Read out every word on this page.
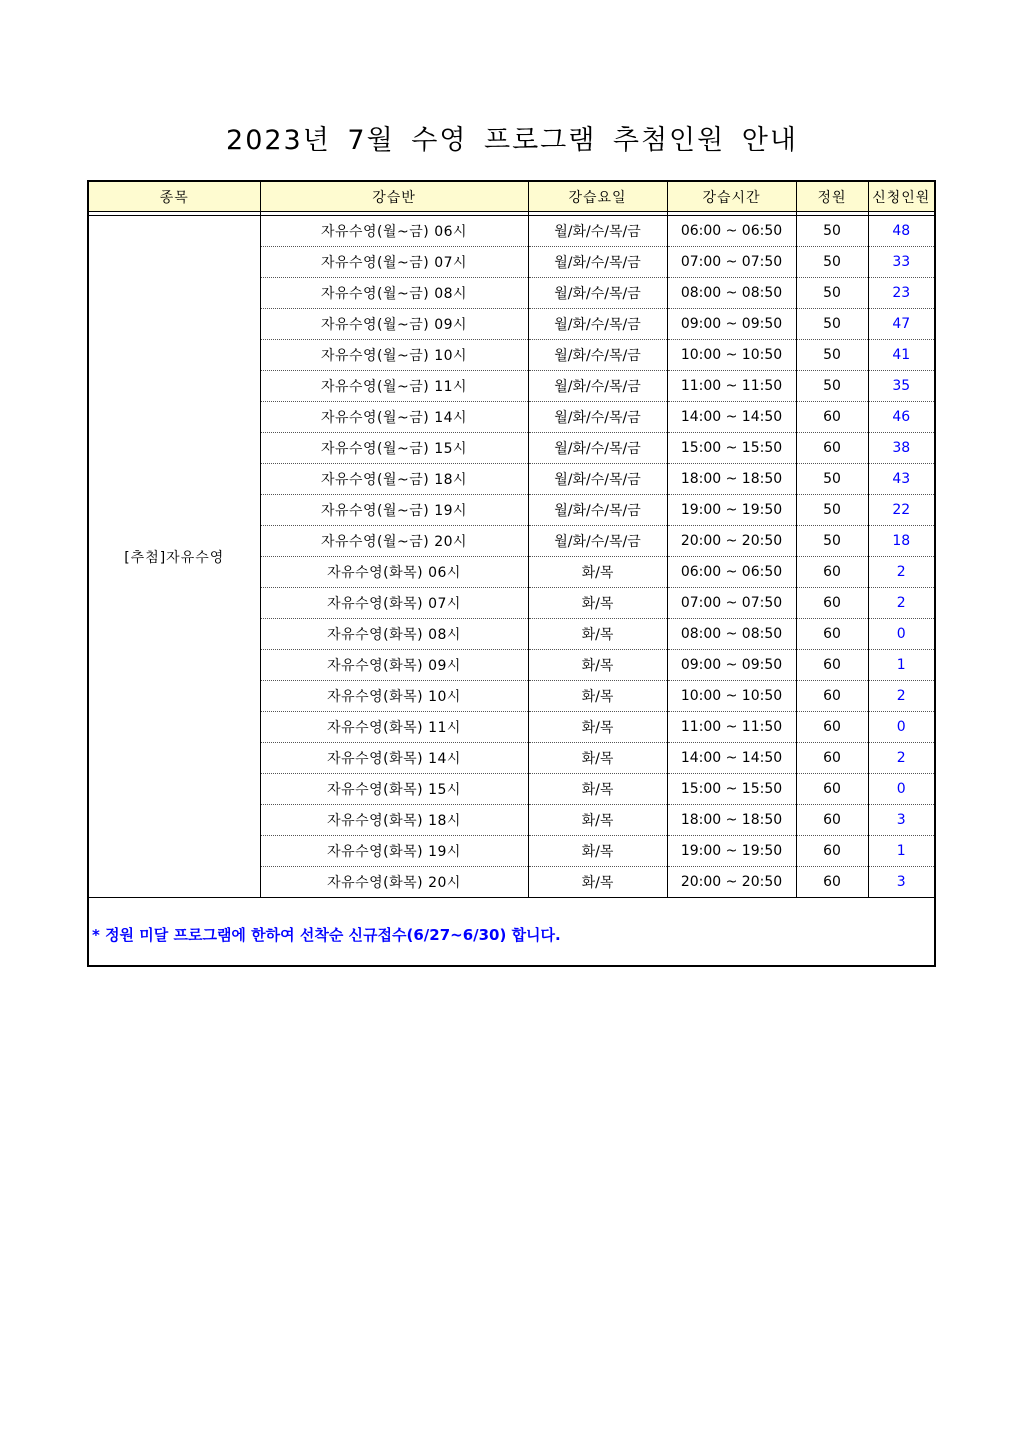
2023년 7월 수영 프로그램 추첨인원 안내
종목	강습반	강습요일	강습시간	정원	신청인원

[추첨]자유수영	자유수영(월~금) 06시	월/화/수/목/금	06:00 ~ 06:50	50	48
	자유수영(월~금) 07시	월/화/수/목/금	07:00 ~ 07:50	50	33
	자유수영(월~금) 08시	월/화/수/목/금	08:00 ~ 08:50	50	23
	자유수영(월~금) 09시	월/화/수/목/금	09:00 ~ 09:50	50	47
	자유수영(월~금) 10시	월/화/수/목/금	10:00 ~ 10:50	50	41
	자유수영(월~금) 11시	월/화/수/목/금	11:00 ~ 11:50	50	35
	자유수영(월~금) 14시	월/화/수/목/금	14:00 ~ 14:50	60	46
	자유수영(월~금) 15시	월/화/수/목/금	15:00 ~ 15:50	60	38
	자유수영(월~금) 18시	월/화/수/목/금	18:00 ~ 18:50	50	43
	자유수영(월~금) 19시	월/화/수/목/금	19:00 ~ 19:50	50	22
	자유수영(월~금) 20시	월/화/수/목/금	20:00 ~ 20:50	50	18
	자유수영(화목) 06시	화/목	06:00 ~ 06:50	60	2
	자유수영(화목) 07시	화/목	07:00 ~ 07:50	60	2
	자유수영(화목) 08시	화/목	08:00 ~ 08:50	60	0
	자유수영(화목) 09시	화/목	09:00 ~ 09:50	60	1
	자유수영(화목) 10시	화/목	10:00 ~ 10:50	60	2
	자유수영(화목) 11시	화/목	11:00 ~ 11:50	60	0
	자유수영(화목) 14시	화/목	14:00 ~ 14:50	60	2
	자유수영(화목) 15시	화/목	15:00 ~ 15:50	60	0
	자유수영(화목) 18시	화/목	18:00 ~ 18:50	60	3
	자유수영(화목) 19시	화/목	19:00 ~ 19:50	60	1
	자유수영(화목) 20시	화/목	20:00 ~ 20:50	60	3
* 정원 미달 프로그램에 한하여 선착순 신규접수(6/27~6/30) 합니다.
